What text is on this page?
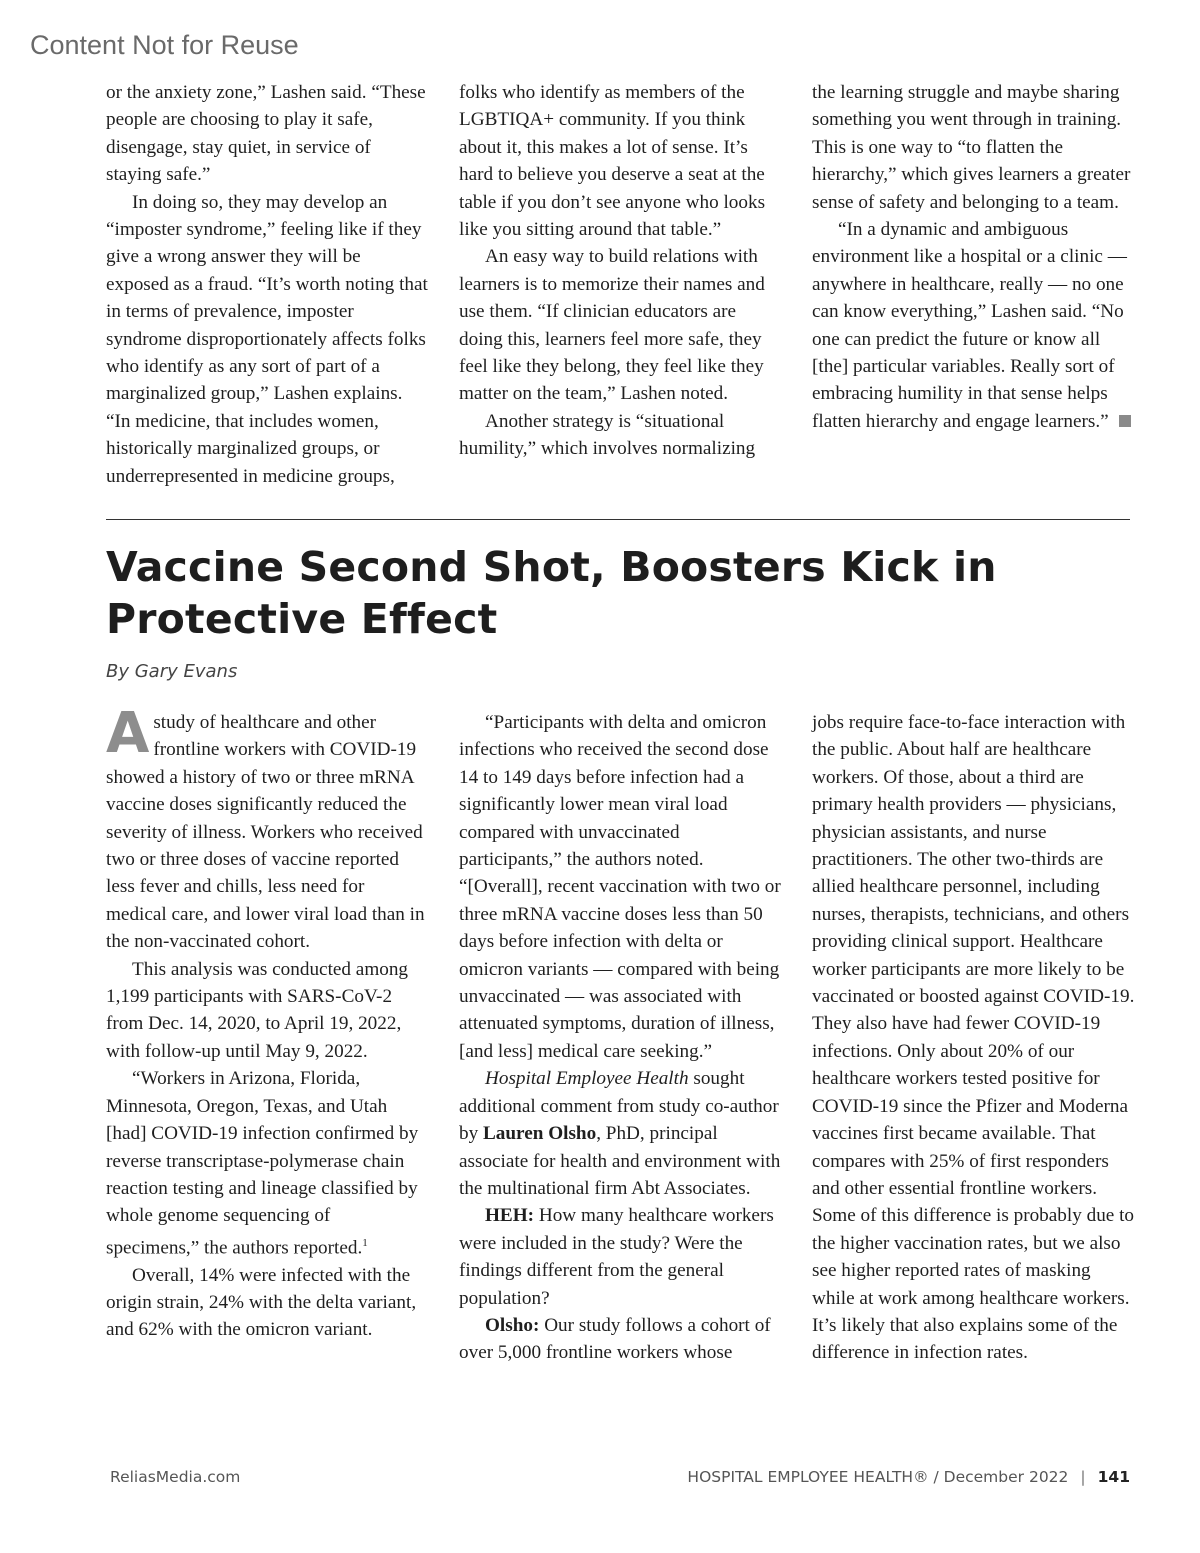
Content Not for Reuse

or the anxiety zone,” Lashen said. “These people are choosing to play it safe, disengage, stay quiet, in service of staying safe.”

In doing so, they may develop an “imposter syndrome,” feeling like if they give a wrong answer they will be exposed as a fraud. “It’s worth noting that in terms of prevalence, imposter syndrome disproportionately affects folks who identify as any sort of part of a marginalized group,” Lashen explains. “In medicine, that includes women, historically marginalized groups, or underrepresented in medicine groups,

folks who identify as members of the LGBTIQA+ community. If you think about it, this makes a lot of sense. It’s hard to believe you deserve a seat at the table if you don’t see anyone who looks like you sitting around that table.”

An easy way to build relations with learners is to memorize their names and use them. “If clinician educators are doing this, learners feel more safe, they feel like they belong, they feel like they matter on the team,” Lashen noted.

Another strategy is “situational humility,” which involves normalizing

the learning struggle and maybe sharing something you went through in training. This is one way to “to flatten the hierarchy,” which gives learners a greater sense of safety and belonging to a team.

“In a dynamic and ambiguous environment like a hospital or a clinic — anywhere in healthcare, really — no one can know everything,” Lashen said. “No one can predict the future or know all [the] particular variables. Really sort of embracing humility in that sense helps flatten hierarchy and engage learners.”

Vaccine Second Shot, Boosters Kick in Protective Effect
By Gary Evans

A study of healthcare and other frontline workers with COVID-19 showed a history of two or three mRNA vaccine doses significantly reduced the severity of illness. Workers who received two or three doses of vaccine reported less fever and chills, less need for medical care, and lower viral load than in the non-vaccinated cohort.

This analysis was conducted among 1,199 participants with SARS-CoV-2 from Dec. 14, 2020, to April 19, 2022, with follow-up until May 9, 2022.

“Workers in Arizona, Florida, Minnesota, Oregon, Texas, and Utah [had] COVID-19 infection confirmed by reverse transcriptase-polymerase chain reaction testing and lineage classified by whole genome sequencing of specimens,” the authors reported.$^1$

Overall, 14% were infected with the origin strain, 24% with the delta variant, and 62% with the omicron variant.

“Participants with delta and omicron infections who received the second dose 14 to 149 days before infection had a significantly lower mean viral load compared with unvaccinated participants,” the authors noted. “[Overall], recent vaccination with two or three mRNA vaccine doses less than 50 days before infection with delta or omicron variants — compared with being unvaccinated — was associated with attenuated symptoms, duration of illness, [and less] medical care seeking.”

Hospital Employee Health sought additional comment from study co-author by Lauren Olsho, PhD, principal associate for health and environment with the multinational firm Abt Associates.

HEH: How many healthcare workers were included in the study? Were the findings different from the general population?

Olsho: Our study follows a cohort of over 5,000 frontline workers whose

jobs require face-to-face interaction with the public. About half are healthcare workers. Of those, about a third are primary health providers — physicians, physician assistants, and nurse practitioners. The other two-thirds are allied healthcare personnel, including nurses, therapists, technicians, and others providing clinical support. Healthcare worker participants are more likely to be vaccinated or boosted against COVID-19. They also have had fewer COVID-19 infections. Only about 20% of our healthcare workers tested positive for COVID-19 since the Pfizer and Moderna vaccines first became available. That compares with 25% of first responders and other essential frontline workers. Some of this difference is probably due to the higher vaccination rates, but we also see higher reported rates of masking while at work among healthcare workers. It’s likely that also explains some of the difference in infection rates.

ReliasMedia.com	HOSPITAL EMPLOYEE HEALTH® / December 2022 | 141
